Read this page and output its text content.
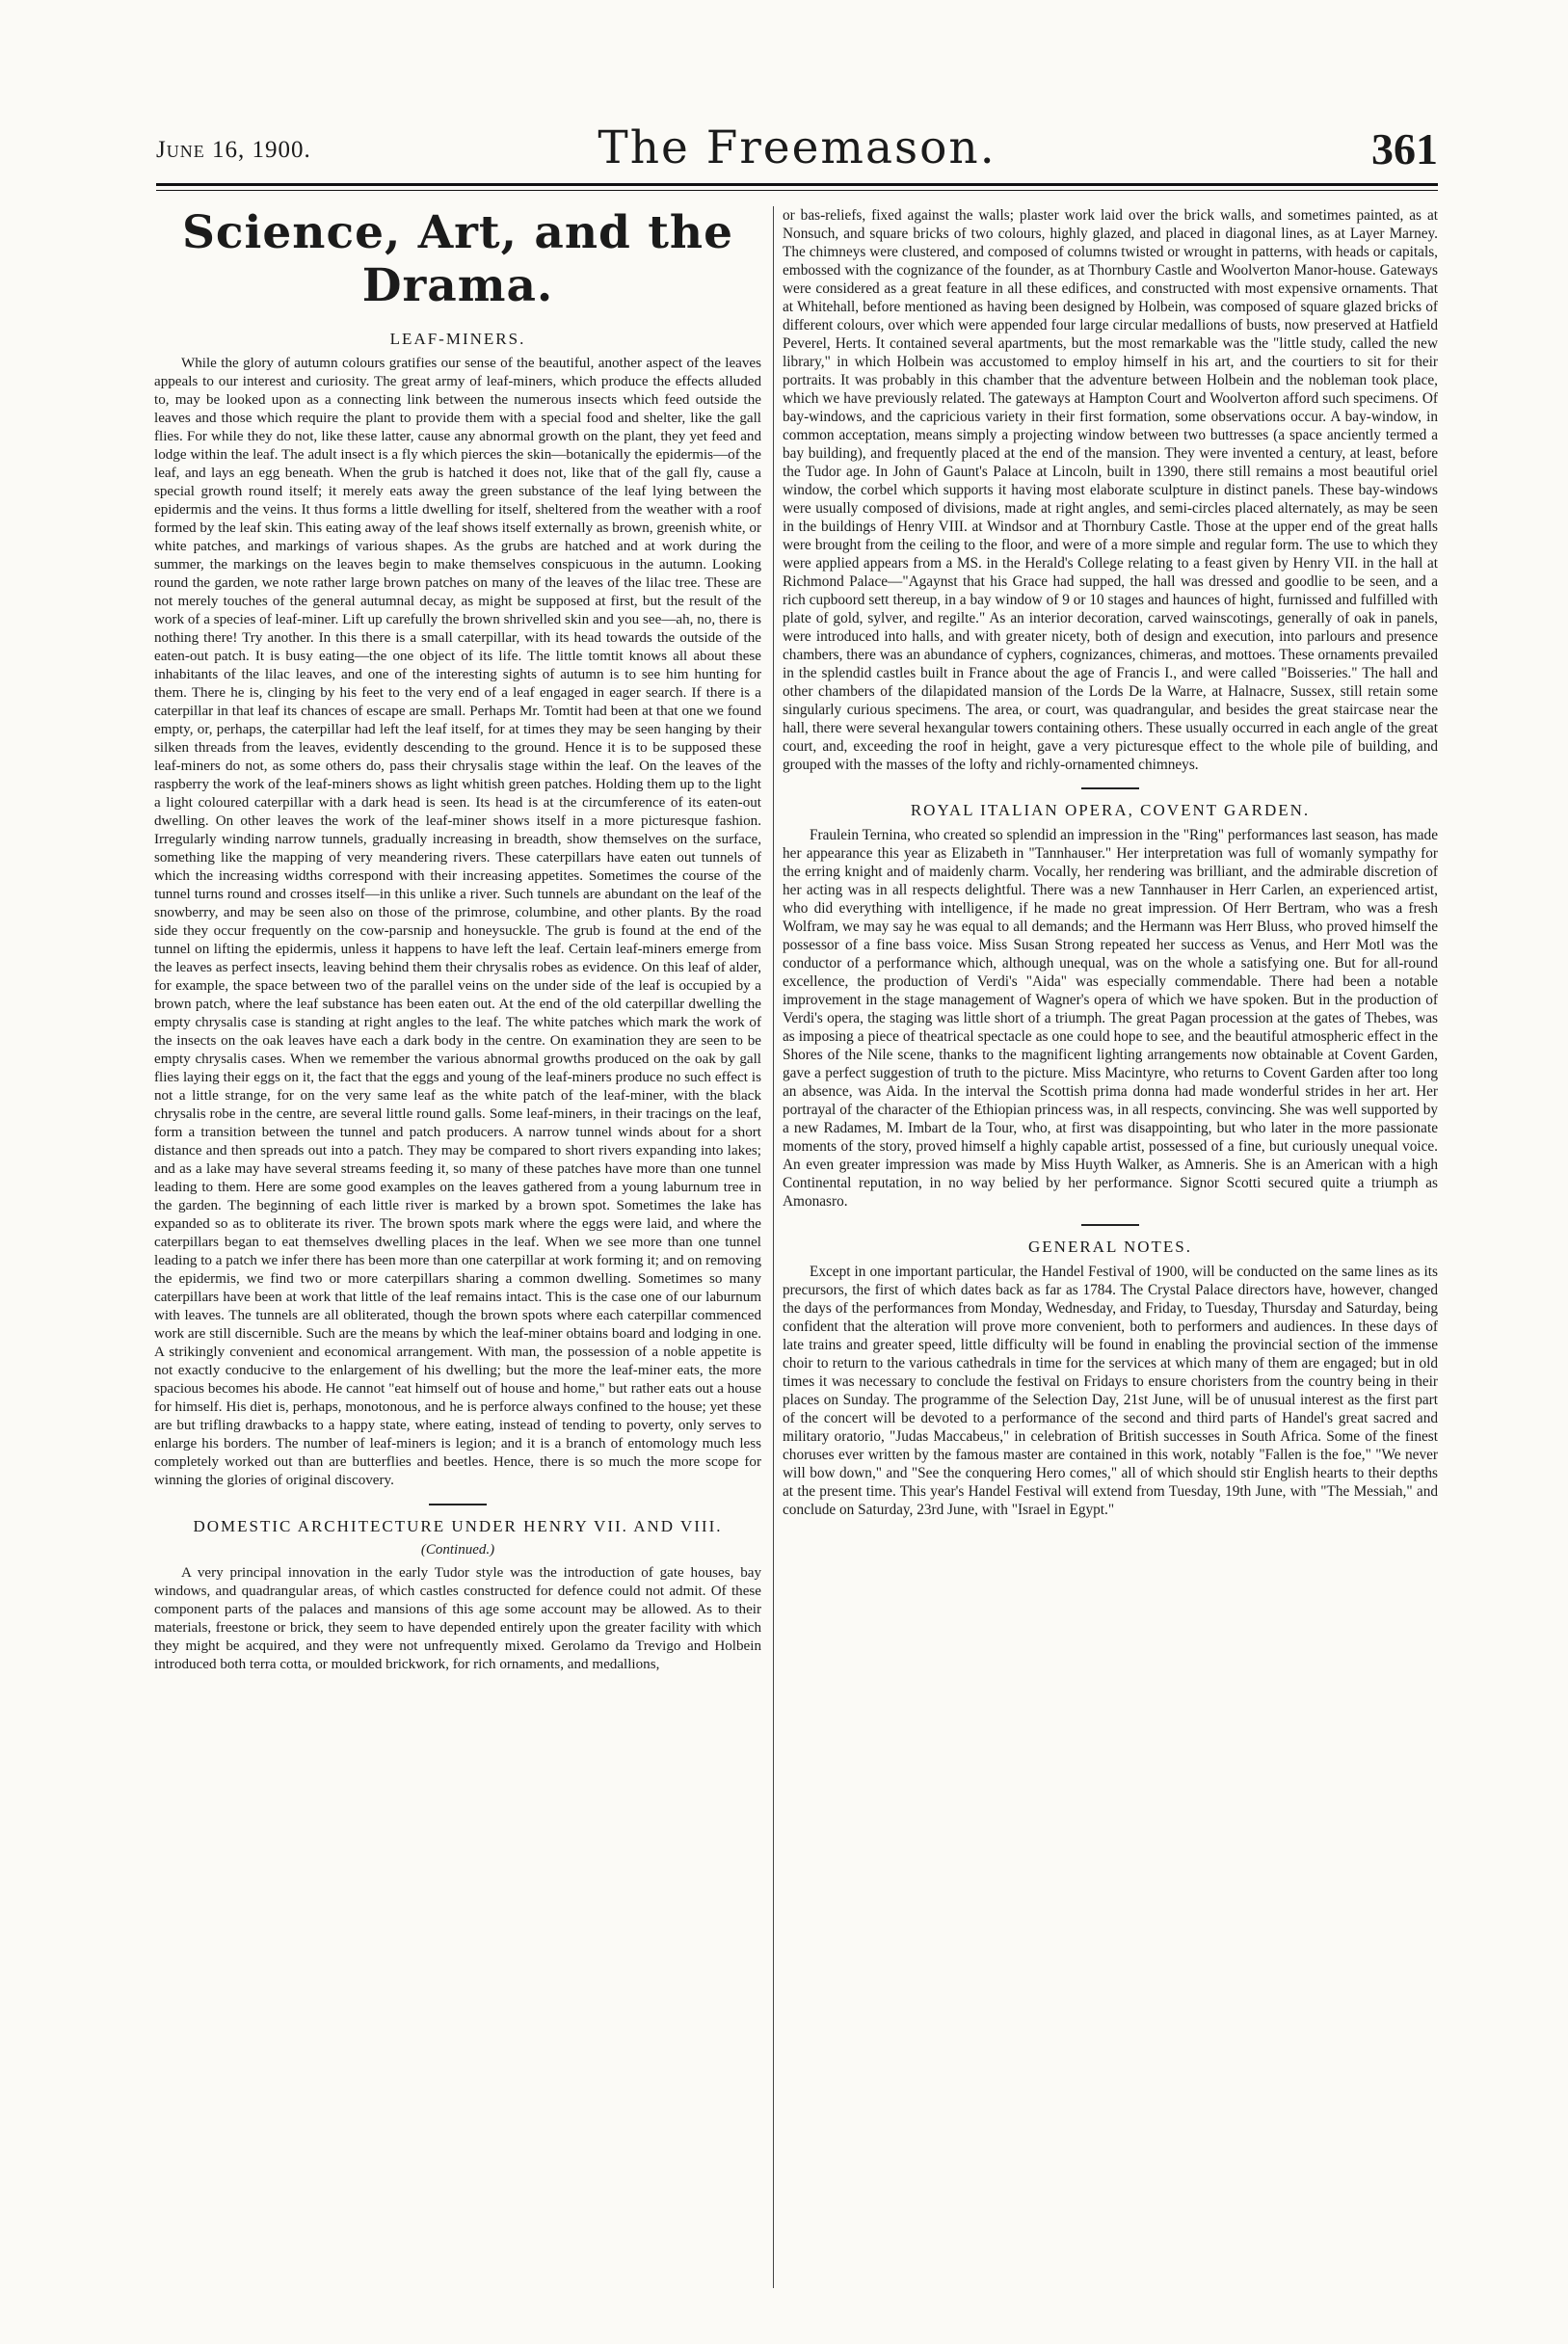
June 16, 1900.	The Freemason.	361
Science, Art, and the Drama.
LEAF-MINERS.

While the glory of autumn colours gratifies our sense of the beautiful, another aspect of the leaves appeals to our interest and curiosity. The great army of leaf-miners, which produce the effects alluded to, may be looked upon as a connecting link between the numerous insects which feed outside the leaves and those which require the plant to provide them with a special food and shelter, like the gall flies. For while they do not, like these latter, cause any abnormal growth on the plant, they yet feed and lodge within the leaf. The adult insect is a fly which pierces the skin—botanically the epidermis—of the leaf, and lays an egg beneath. When the grub is hatched it does not, like that of the gall fly, cause a special growth round itself; it merely eats away the green substance of the leaf lying between the epidermis and the veins. It thus forms a little dwelling for itself, sheltered from the weather with a roof formed by the leaf skin. This eating away of the leaf shows itself externally as brown, greenish white, or white patches, and markings of various shapes. As the grubs are hatched and at work during the summer, the markings on the leaves begin to make themselves conspicuous in the autumn. Looking round the garden, we note rather large brown patches on many of the leaves of the lilac tree. These are not merely touches of the general autumnal decay, as might be supposed at first, but the result of the work of a species of leaf-miner. Lift up carefully the brown shrivelled skin and you see—ah, no, there is nothing there! Try another. In this there is a small caterpillar, with its head towards the outside of the eaten-out patch. It is busy eating—the one object of its life. The little tomtit knows all about these inhabitants of the lilac leaves, and one of the interesting sights of autumn is to see him hunting for them. There he is, clinging by his feet to the very end of a leaf engaged in eager search. If there is a caterpillar in that leaf its chances of escape are small. Perhaps Mr. Tomtit had been at that one we found empty, or, perhaps, the caterpillar had left the leaf itself, for at times they may be seen hanging by their silken threads from the leaves, evidently descending to the ground. Hence it is to be supposed these leaf-miners do not, as some others do, pass their chrysalis stage within the leaf. On the leaves of the raspberry the work of the leaf-miners shows as light whitish green patches. Holding them up to the light a light coloured caterpillar with a dark head is seen. Its head is at the circumference of its eaten-out dwelling. On other leaves the work of the leaf-miner shows itself in a more picturesque fashion. Irregularly winding narrow tunnels, gradually increasing in breadth, show themselves on the surface, something like the mapping of very meandering rivers. These caterpillars have eaten out tunnels of which the increasing widths correspond with their increasing appetites. Sometimes the course of the tunnel turns round and crosses itself—in this unlike a river. Such tunnels are abundant on the leaf of the snowberry, and may be seen also on those of the primrose, columbine, and other plants. By the road side they occur frequently on the cow-parsnip and honeysuckle. The grub is found at the end of the tunnel on lifting the epidermis, unless it happens to have left the leaf. Certain leaf-miners emerge from the leaves as perfect insects, leaving behind them their chrysalis robes as evidence. On this leaf of alder, for example, the space between two of the parallel veins on the under side of the leaf is occupied by a brown patch, where the leaf substance has been eaten out. At the end of the old caterpillar dwelling the empty chrysalis case is standing at right angles to the leaf. The white patches which mark the work of the insects on the oak leaves have each a dark body in the centre. On examination they are seen to be empty chrysalis cases. When we remember the various abnormal growths produced on the oak by gall flies laying their eggs on it, the fact that the eggs and young of the leaf-miners produce no such effect is not a little strange, for on the very same leaf as the white patch of the leaf-miner, with the black chrysalis robe in the centre, are several little round galls. Some leaf-miners, in their tracings on the leaf, form a transition between the tunnel and patch producers. A narrow tunnel winds about for a short distance and then spreads out into a patch. They may be compared to short rivers expanding into lakes; and as a lake may have several streams feeding it, so many of these patches have more than one tunnel leading to them. Here are some good examples on the leaves gathered from a young laburnum tree in the garden. The beginning of each little river is marked by a brown spot. Sometimes the lake has expanded so as to obliterate its river. The brown spots mark where the eggs were laid, and where the caterpillars began to eat themselves dwelling places in the leaf. When we see more than one tunnel leading to a patch we infer there has been more than one caterpillar at work forming it; and on removing the epidermis, we find two or more caterpillars sharing a common dwelling. Sometimes so many caterpillars have been at work that little of the leaf remains intact. This is the case one of our laburnum with leaves. The tunnels are all obliterated, though the brown spots where each caterpillar commenced work are still discernible. Such are the means by which the leaf-miner obtains board and lodging in one. A strikingly convenient and economical arrangement. With man, the possession of a noble appetite is not exactly conducive to the enlargement of his dwelling; but the more the leaf-miner eats, the more spacious becomes his abode. He cannot "eat himself out of house and home," but rather eats out a house for himself. His diet is, perhaps, monotonous, and he is perforce always confined to the house; yet these are but trifling drawbacks to a happy state, where eating, instead of tending to poverty, only serves to enlarge his borders. The number of leaf-miners is legion; and it is a branch of entomology much less completely worked out than are butterflies and beetles. Hence, there is so much the more scope for winning the glories of original discovery.

DOMESTIC ARCHITECTURE UNDER HENRY VII. AND VIII.
(Continued.)

A very principal innovation in the early Tudor style was the introduction of gate houses, bay windows, and quadrangular areas, of which castles constructed for defence could not admit. Of these component parts of the palaces and mansions of this age some account may be allowed. As to their materials, freestone or brick, they seem to have depended entirely upon the greater facility with which they might be acquired, and they were not unfrequently mixed. Gerolamo da Trevigo and Holbein introduced both terra cotta, or moulded brickwork, for rich ornaments, and medallions,

or bas-reliefs, fixed against the walls; plaster work laid over the brick walls, and sometimes painted, as at Nonsuch, and square bricks of two colours, highly glazed, and placed in diagonal lines, as at Layer Marney. The chimneys were clustered, and composed of columns twisted or wrought in patterns, with heads or capitals, embossed with the cognizance of the founder, as at Thornbury Castle and Woolverton Manor-house. Gateways were considered as a great feature in all these edifices, and constructed with most expensive ornaments. That at Whitehall, before mentioned as having been designed by Holbein, was composed of square glazed bricks of different colours, over which were appended four large circular medallions of busts, now preserved at Hatfield Peverel, Herts. It contained several apartments, but the most remarkable was the "little study, called the new library," in which Holbein was accustomed to employ himself in his art, and the courtiers to sit for their portraits. It was probably in this chamber that the adventure between Holbein and the nobleman took place, which we have previously related. The gateways at Hampton Court and Woolverton afford such specimens. Of bay-windows, and the capricious variety in their first formation, some observations occur. A bay-window, in common acceptation, means simply a projecting window between two buttresses (a space anciently termed a bay building), and frequently placed at the end of the mansion. They were invented a century, at least, before the Tudor age. In John of Gaunt's Palace at Lincoln, built in 1390, there still remains a most beautiful oriel window, the corbel which supports it having most elaborate sculpture in distinct panels. These bay-windows were usually composed of divisions, made at right angles, and semi-circles placed alternately, as may be seen in the buildings of Henry VIII. at Windsor and at Thornbury Castle. Those at the upper end of the great halls were brought from the ceiling to the floor, and were of a more simple and regular form. The use to which they were applied appears from a MS. in the Herald's College relating to a feast given by Henry VII. in the hall at Richmond Palace—"Agaynst that his Grace had supped, the hall was dressed and goodlie to be seen, and a rich cupboord sett thereup, in a bay window of 9 or 10 stages and haunces of hight, furnissed and fulfilled with plate of gold, sylver, and regilte." As an interior decoration, carved wainscotings, generally of oak in panels, were introduced into halls, and with greater nicety, both of design and execution, into parlours and presence chambers, there was an abundance of cyphers, cognizances, chimeras, and mottoes. These ornaments prevailed in the splendid castles built in France about the age of Francis I., and were called "Boisseries." The hall and other chambers of the dilapidated mansion of the Lords De la Warre, at Halnacre, Sussex, still retain some singularly curious specimens. The area, or court, was quadrangular, and besides the great staircase near the hall, there were several hexangular towers containing others. These usually occurred in each angle of the great court, and, exceeding the roof in height, gave a very picturesque effect to the whole pile of building, and grouped with the masses of the lofty and richly-ornamented chimneys.

ROYAL ITALIAN OPERA, COVENT GARDEN.

Fraulein Ternina, who created so splendid an impression in the "Ring" performances last season, has made her appearance this year as Elizabeth in "Tannhauser." Her interpretation was full of womanly sympathy for the erring knight and of maidenly charm. Vocally, her rendering was brilliant, and the admirable discretion of her acting was in all respects delightful. There was a new Tannhauser in Herr Carlen, an experienced artist, who did everything with intelligence, if he made no great impression. Of Herr Bertram, who was a fresh Wolfram, we may say he was equal to all demands; and the Hermann was Herr Bluss, who proved himself the possessor of a fine bass voice. Miss Susan Strong repeated her success as Venus, and Herr Motl was the conductor of a performance which, although unequal, was on the whole a satisfying one. But for all-round excellence, the production of Verdi's "Aida" was especially commendable. There had been a notable improvement in the stage management of Wagner's opera of which we have spoken. But in the production of Verdi's opera, the staging was little short of a triumph. The great Pagan procession at the gates of Thebes, was as imposing a piece of theatrical spectacle as one could hope to see, and the beautiful atmospheric effect in the Shores of the Nile scene, thanks to the magnificent lighting arrangements now obtainable at Covent Garden, gave a perfect suggestion of truth to the picture. Miss Macintyre, who returns to Covent Garden after too long an absence, was Aida. In the interval the Scottish prima donna had made wonderful strides in her art. Her portrayal of the character of the Ethiopian princess was, in all respects, convincing. She was well supported by a new Radames, M. Imbart de la Tour, who, at first was disappointing, but who later in the more passionate moments of the story, proved himself a highly capable artist, possessed of a fine, but curiously unequal voice. An even greater impression was made by Miss Huyth Walker, as Amneris. She is an American with a high Continental reputation, in no way belied by her performance. Signor Scotti secured quite a triumph as Amonasro.

GENERAL NOTES.

Except in one important particular, the Handel Festival of 1900, will be conducted on the same lines as its precursors, the first of which dates back as far as 1784. The Crystal Palace directors have, however, changed the days of the performances from Monday, Wednesday, and Friday, to Tuesday, Thursday and Saturday, being confident that the alteration will prove more convenient, both to performers and audiences. In these days of late trains and greater speed, little difficulty will be found in enabling the provincial section of the immense choir to return to the various cathedrals in time for the services at which many of them are engaged; but in old times it was necessary to conclude the festival on Fridays to ensure choristers from the country being in their places on Sunday. The programme of the Selection Day, 21st June, will be of unusual interest as the first part of the concert will be devoted to a performance of the second and third parts of Handel's great sacred and military oratorio, "Judas Maccabeus," in celebration of British successes in South Africa. Some of the finest choruses ever written by the famous master are contained in this work, notably "Fallen is the foe," "We never will bow down," and "See the conquering Hero comes," all of which should stir English hearts to their depths at the present time. This year's Handel Festival will extend from Tuesday, 19th June, with "The Messiah," and conclude on Saturday, 23rd June, with "Israel in Egypt."
